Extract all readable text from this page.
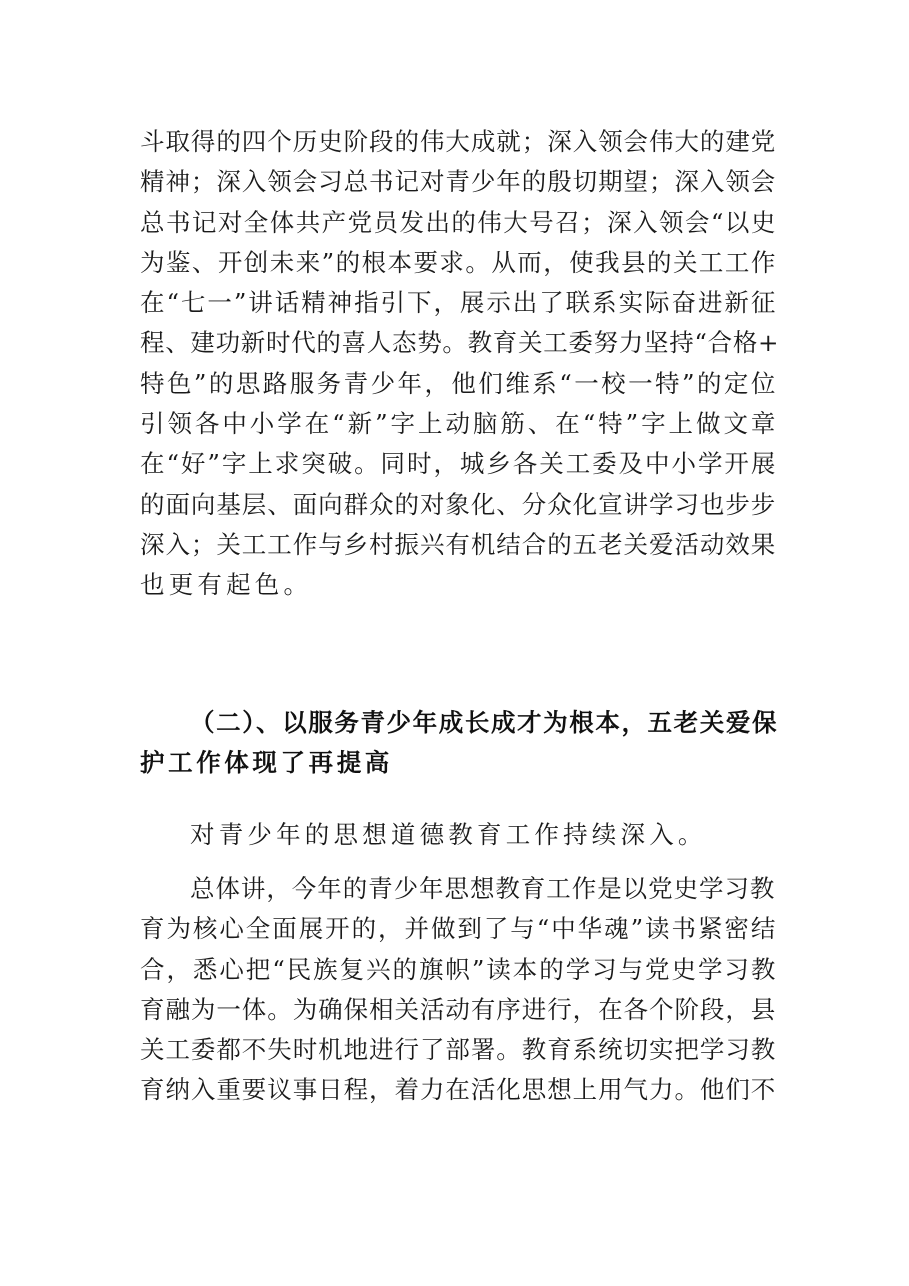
斗取得的四个历史阶段的伟大成就；深入领会伟大的建党
精神；深入领会习总书记对青少年的殷切期望；深入领会
总书记对全体共产党员发出的伟大号召；深入领会“以史
为鉴、开创未来”的根本要求。从而，使我县的关工工作
在“七一”讲话精神指引下，展示出了联系实际奋进新征
程、建功新时代的喜人态势。教育关工委努力坚持“合格+
特色”的思路服务青少年，他们维系“一校一特”的定位
引领各中小学在“新”字上动脑筋、在“特”字上做文章
在“好”字上求突破。同时，城乡各关工委及中小学开展
的面向基层、面向群众的对象化、分众化宣讲学习也步步
深入；关工工作与乡村振兴有机结合的五老关爱活动效果
也更有起色。
（二）、以服务青少年成长成才为根本，五老关爱保
护工作体现了再提高
对青少年的思想道德教育工作持续深入。
总体讲，今年的青少年思想教育工作是以党史学习教
育为核心全面展开的，并做到了与“中华魂”读书紧密结
合，悉心把“民族复兴的旗帜”读本的学习与党史学习教
育融为一体。为确保相关活动有序进行，在各个阶段，县
关工委都不失时机地进行了部署。教育系统切实把学习教
育纳入重要议事日程，着力在活化思想上用气力。他们不
